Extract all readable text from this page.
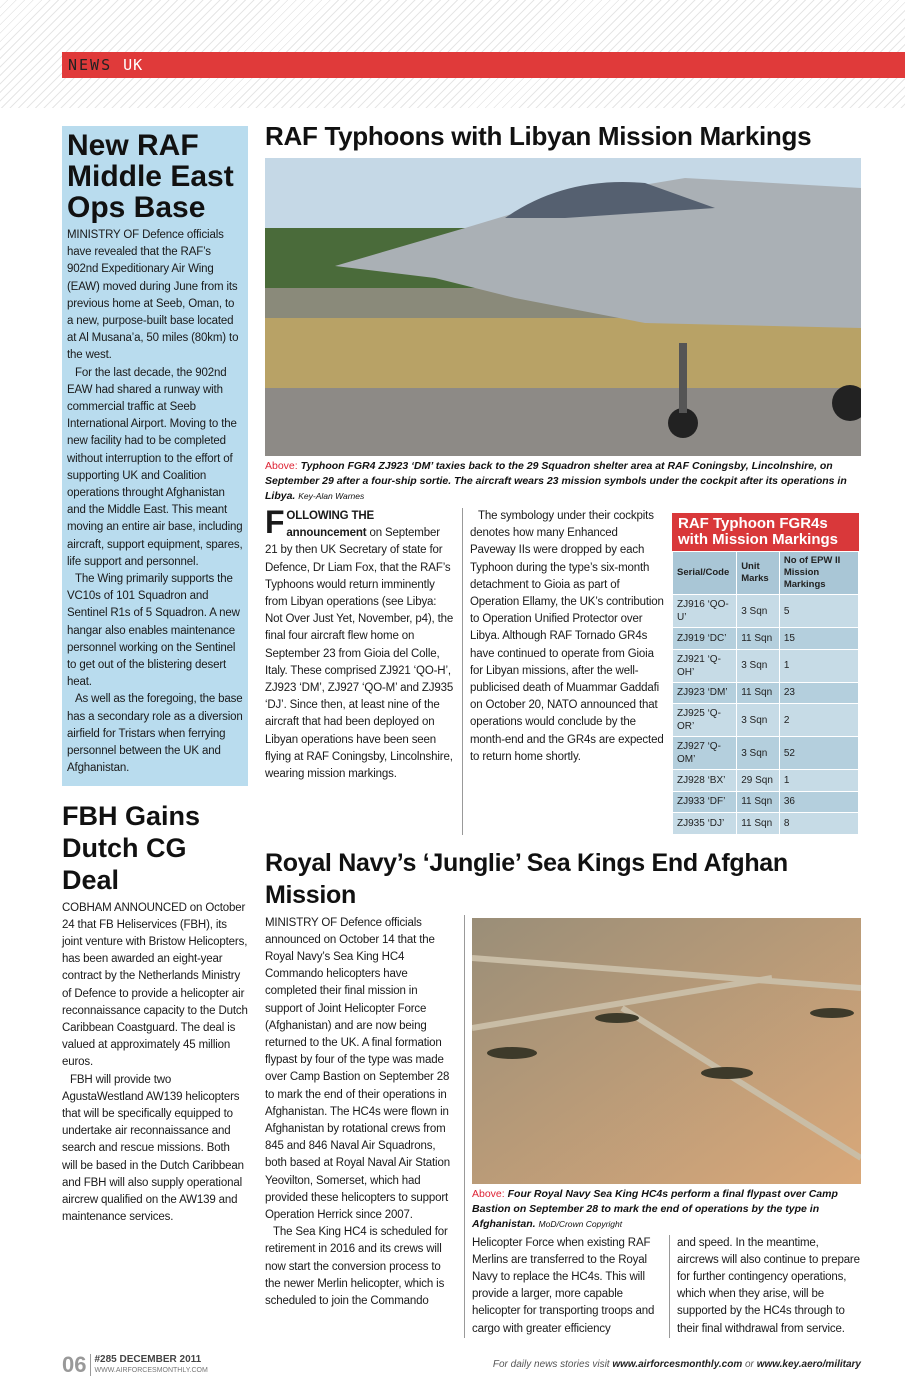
NEWS UK
New RAF Middle East Ops Base

MINISTRY OF Defence officials have revealed that the RAF’s 902nd Expeditionary Air Wing (EAW) moved during June from its previous home at Seeb, Oman, to a new, purpose-built base located at Al Musana’a, 50 miles (80km) to the west.

For the last decade, the 902nd EAW had shared a runway with commercial traffic at Seeb International Airport. Moving to the new facility had to be completed without interruption to the effort of supporting UK and Coalition operations throught Afghanistan and the Middle East. This meant moving an entire air base, including aircraft, support equipment, spares, life support and personnel.

The Wing primarily supports the VC10s of 101 Squadron and Sentinel R1s of 5 Squadron. A new hangar also enables maintenance personnel working on the Sentinel to get out of the blistering desert heat.

As well as the foregoing, the base has a secondary role as a diversion airfield for Tristars when ferrying personnel between the UK and Afghanistan.

FBH Gains Dutch CG Deal

COBHAM ANNOUNCED on October 24 that FB Heliservices (FBH), its joint venture with Bristow Helicopters, has been awarded an eight-year contract by the Netherlands Ministry of Defence to provide a helicopter air reconnaissance capacity to the Dutch Caribbean Coastguard. The deal is valued at approximately 45 million euros.

FBH will provide two AgustaWestland AW139 helicopters that will be specifically equipped to undertake air reconnaissance and search and rescue missions. Both will be based in the Dutch Caribbean and FBH will also supply operational aircrew qualified on the AW139 and maintenance services.

RAF Typhoons with Libyan Mission Markings
Above: Typhoon FGR4 ZJ923 ‘DM’ taxies back to the 29 Squadron shelter area at RAF Coningsby, Lincolnshire, on September 29 after a four-ship sortie. The aircraft wears 23 mission symbols under the cockpit after its operations in Libya. Key-Alan Warnes
FOLLOWING THE announcement on September 21 by then UK Secretary of state for Defence, Dr Liam Fox, that the RAF’s Typhoons would return imminently from Libyan operations (see Libya: Not Over Just Yet, November, p4), the final four aircraft flew home on September 23 from Gioia del Colle, Italy. These comprised ZJ921 ‘QO-H’, ZJ923 ‘DM’, ZJ927 ‘QO-M’ and ZJ935 ‘DJ’. Since then, at least nine of the aircraft that had been deployed on Libyan operations have been seen flying at RAF Coningsby, Lincolnshire, wearing mission markings.
The symbology under their cockpits denotes how many Enhanced Paveway IIs were dropped by each Typhoon during the type’s six-month detachment to Gioia as part of Operation Ellamy, the UK’s contribution to Operation Unified Protector over Libya. Although RAF Tornado GR4s have continued to operate from Gioia for Libyan missions, after the well-publicised death of Muammar Gaddafi on October 20, NATO announced that operations would conclude by the month-end and the GR4s are expected to return home shortly.
RAF Typhoon FGR4s with Mission Markings
Serial/Code	Unit Marks	No of EPW II Mission Markings
ZJ916 ‘QO-U’	3 Sqn	5
ZJ919 ‘DC’	11 Sqn	15
ZJ921 ‘Q-OH’	3 Sqn	1
ZJ923 ‘DM’	11 Sqn	23
ZJ925 ‘Q-OR’	3 Sqn	2
ZJ927 ‘Q-OM’	3 Sqn	52
ZJ928 ‘BX’	29 Sqn	1
ZJ933 ‘DF’	11 Sqn	36
ZJ935 ‘DJ’	11 Sqn	8
Royal Navy’s ‘Junglie’ Sea Kings End Afghan Mission

MINISTRY OF Defence officials announced on October 14 that the Royal Navy’s Sea King HC4 Commando helicopters have completed their final mission in support of Joint Helicopter Force (Afghanistan) and are now being returned to the UK. A final formation flypast by four of the type was made over Camp Bastion on September 28 to mark the end of their operations in Afghanistan. The HC4s were flown in Afghanistan by rotational crews from 845 and 846 Naval Air Squadrons, both based at Royal Naval Air Station Yeovilton, Somerset, which had provided these helicopters to support Operation Herrick since 2007.

The Sea King HC4 is scheduled for retirement in 2016 and its crews will now start the conversion process to the newer Merlin helicopter, which is scheduled to join the Commando

Above: Four Royal Navy Sea King HC4s perform a final flypast over Camp Bastion on September 28 to mark the end of operations by the type in Afghanistan. MoD/Crown Copyright
Helicopter Force when existing RAF Merlins are transferred to the Royal Navy to replace the HC4s. This will provide a larger, more capable helicopter for transporting troops and cargo with greater efficiency
and speed. In the meantime, aircrews will also continue to prepare for further contingency operations, which when they arise, will be supported by the HC4s through to their final withdrawal from service.
06 #285 DECEMBER 2011
WWW.AIRFORCESMONTHLY.COM	For daily news stories visit www.airforcesmonthly.com or www.key.aero/military
